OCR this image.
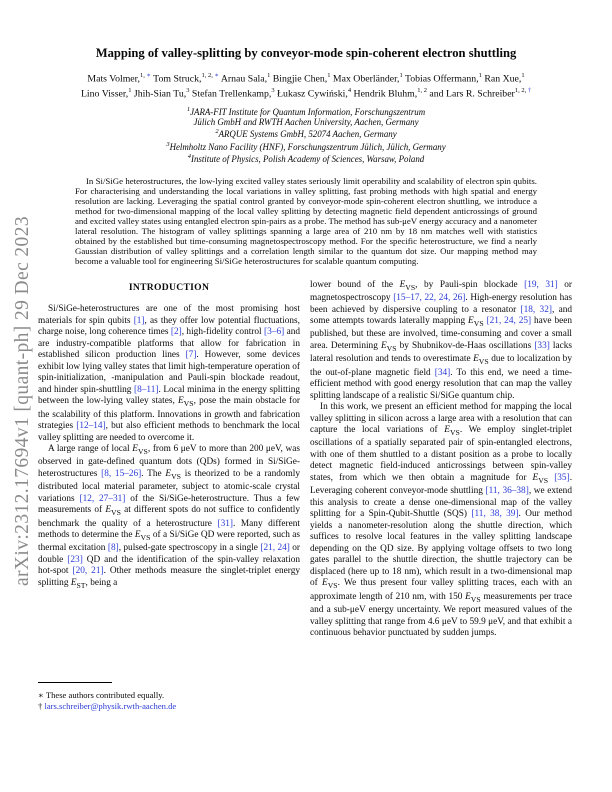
arXiv:2312.17694v1 [quant-ph] 29 Dec 2023
Mapping of valley-splitting by conveyor-mode spin-coherent electron shuttling
Mats Volmer,$^{1, ∗}$ Tom Struck,$^{1, 2, ∗}$ Arnau Sala,$^1$ Bingjie Chen,$^1$ Max Oberländer,$^1$ Tobias Offermann,$^1$ Ran Xue,$^1$
Lino Visser,$^1$ Jhih-Sian Tu,$^3$ Stefan Trellenkamp,$^3$ Łukasz Cywiński,$^4$ Hendrik Bluhm,$^{1, 2}$ and Lars R. Schreiber$^{1, 2, \dagger}$
$^1$JARA-FIT Institute for Quantum Information, Forschungszentrum
Jülich GmbH and RWTH Aachen University, Aachen, Germany
$^2$ARQUE Systems GmbH, 52074 Aachen, Germany
$^3$Helmholtz Nano Facility (HNF), Forschungszentrum Jülich, Jülich, Germany
$^4$Institute of Physics, Polish Academy of Sciences, Warsaw, Poland
In Si/SiGe heterostructures, the low-lying excited valley states seriously limit operability and scalability of electron spin qubits. For characterising and understanding the local variations in valley splitting, fast probing methods with high spatial and energy resolution are lacking. Leveraging the spatial control granted by conveyor-mode spin-coherent electron shuttling, we introduce a method for two-dimensional mapping of the local valley splitting by detecting magnetic field dependent anticrossings of ground and excited valley states using entangled electron spin-pairs as a probe. The method has sub-μeV energy accuracy and a nanometer lateral resolution. The histogram of valley splittings spanning a large area of 210 nm by 18 nm matches well with statistics obtained by the established but time-consuming magnetospectroscopy method. For the specific heterostructure, we find a nearly Gaussian distribution of valley splittings and a correlation length similar to the quantum dot size. Our mapping method may become a valuable tool for engineering Si/SiGe heterostructures for scalable quantum computing.
INTRODUCTION

Si/SiGe-heterostructures are one of the most promising host materials for spin qubits [1], as they offer low potential fluctuations, charge noise, long coherence times [2], high-fidelity control [3–6] and are industry-compatible platforms that allow for fabrication in established silicon production lines [7]. However, some devices exhibit low lying valley states that limit high-temperature operation of spin-initialization, -manipulation and Pauli-spin blockade readout, and hinder spin-shuttling [8–11]. Local minima in the energy splitting between the low-lying valley states, $E_{VS}$, pose the main obstacle for the scalability of this platform. Innovations in growth and fabrication strategies [12–14], but also efficient methods to benchmark the local valley splitting are needed to overcome it.

A large range of local $E_{VS}$, from 6 μeV to more than 200 μeV, was observed in gate-defined quantum dots (QDs) formed in Si/SiGe-heterostructures [8, 15–26]. The $E_{VS}$ is theorized to be a randomly distributed local material parameter, subject to atomic-scale crystal variations [12, 27–31] of the Si/SiGe-heterostructure. Thus a few measurements of $E_{VS}$ at different spots do not suffice to confidently benchmark the quality of a heterostructure [31]. Many different methods to determine the $E_{VS}$ of a Si/SiGe QD were reported, such as thermal excitation [8], pulsed-gate spectroscopy in a single [21, 24] or double [23] QD and the identification of the spin-valley relaxation hot-spot [20, 21]. Other methods measure the singlet-triplet energy splitting $E_{ST}$, being a

lower bound of the $E_{VS}$, by Pauli-spin blockade [19, 31] or magnetospectroscopy [15–17, 22, 24, 26]. High-energy resolution has been achieved by dispersive coupling to a resonator [18, 32], and some attempts towards laterally mapping $E_{VS}$ [21, 24, 25] have been published, but these are involved, time-consuming and cover a small area. Determining $E_{VS}$ by Shubnikov-de-Haas oscillations [33] lacks lateral resolution and tends to overestimate $E_{VS}$ due to localization by the out-of-plane magnetic field [34]. To this end, we need a time-efficient method with good energy resolution that can map the valley splitting landscape of a realistic Si/SiGe quantum chip.

In this work, we present an efficient method for mapping the local valley splitting in silicon across a large area with a resolution that can capture the local variations of $E_{VS}$. We employ singlet-triplet oscillations of a spatially separated pair of spin-entangled electrons, with one of them shuttled to a distant position as a probe to locally detect magnetic field-induced anticrossings between spin-valley states, from which we then obtain a magnitude for $E_{VS}$ [35]. Leveraging coherent conveyor-mode shuttling [11, 36–38], we extend this analysis to create a dense one-dimensional map of the valley splitting for a Spin-Qubit-Shuttle (SQS) [11, 38, 39]. Our method yields a nanometer-resolution along the shuttle direction, which suffices to resolve local features in the valley splitting landscape depending on the QD size. By applying voltage offsets to two long gates parallel to the shuttle direction, the shuttle trajectory can be displaced (here up to 18 nm), which result in a two-dimensional map of $E_{VS}$. We thus present four valley splitting traces, each with an approximate length of 210 nm, with 150 $E_{VS}$ measurements per trace and a sub-μeV energy uncertainty. We report measured values of the valley splitting that range from 4.6 μeV to 59.9 μeV, and that exhibit a continuous behavior punctuated by sudden jumps.

∗ These authors contributed equally.
† lars.schreiber@physik.rwth-aachen.de
